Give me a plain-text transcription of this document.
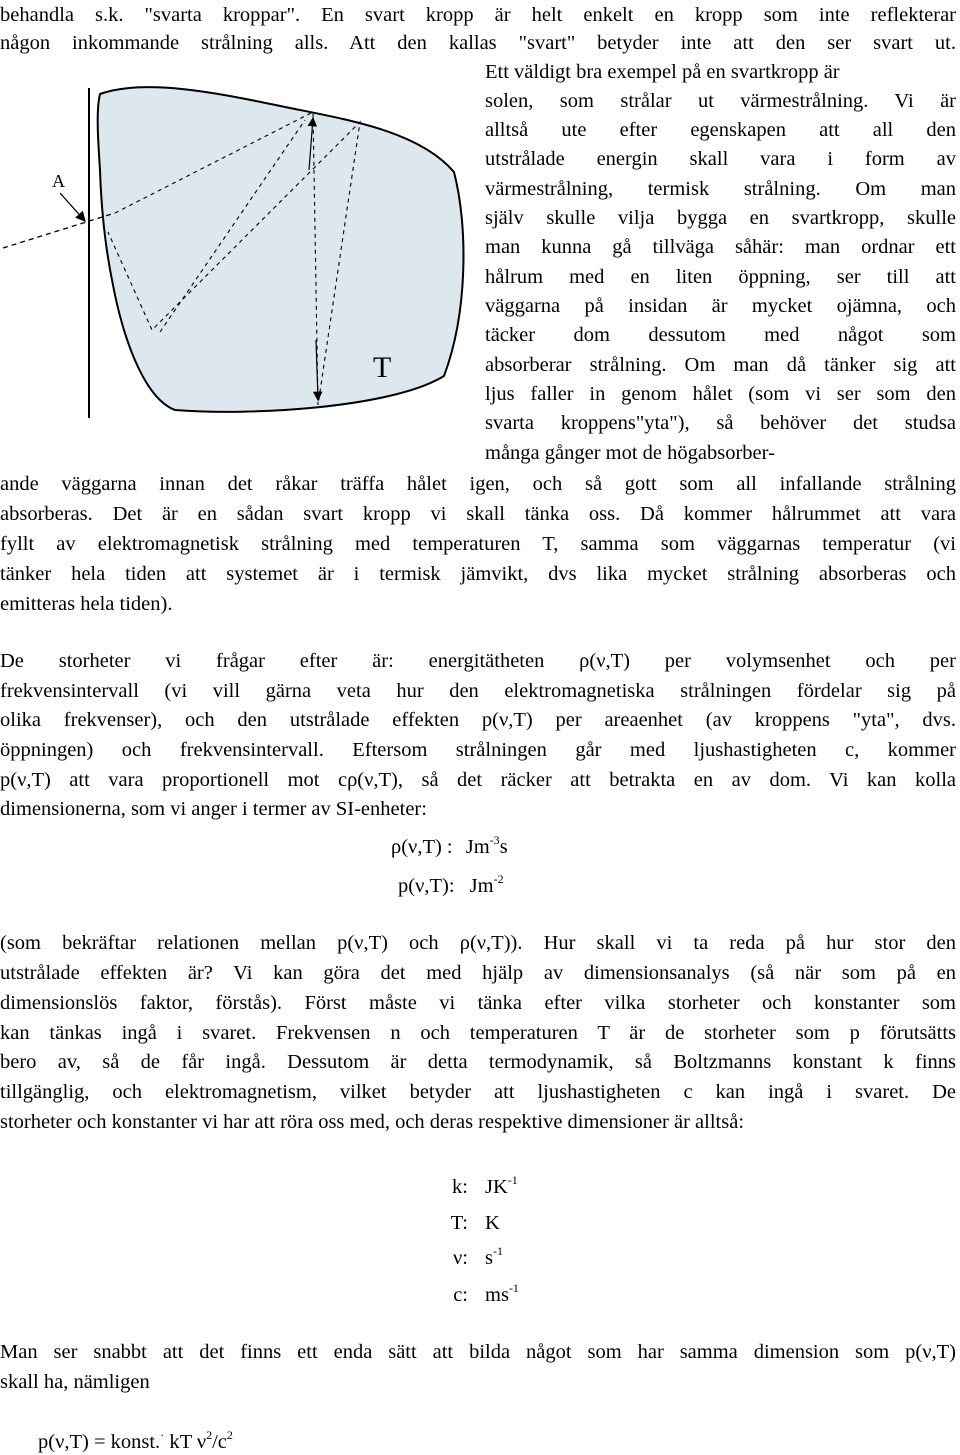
A
T
behandla s.k. "svarta kroppar". En svart kropp är helt enkelt en kropp som inte reflekterar
någon inkommande strålning alls. Att den kallas "svart" betyder inte att den ser svart ut.
Ett väldigt bra exempel på en svartkropp är
solen, som strålar ut värmestrålning. Vi är
alltså ute efter egenskapen att all den
utstrålade energin skall vara i form av
värmestrålning, termisk strålning. Om man
själv skulle vilja bygga en svartkropp, skulle
man kunna gå tillväga såhär: man ordnar ett
hålrum med en liten öppning, ser till att
väggarna på insidan är mycket ojämna, och
täcker dom dessutom med något som
absorberar strålning. Om man då tänker sig att
ljus faller in genom hålet (som vi ser som den
svarta kroppens"yta"), så behöver det studsa
många gånger mot de högabsorber-
ande väggarna innan det råkar träffa hålet igen, och så gott som all infallande strålning
absorberas. Det är en sådan svart kropp vi skall tänka oss. Då kommer hålrummet att vara
fyllt av elektromagnetisk strålning med temperaturen T, samma som väggarnas temperatur (vi
tänker hela tiden att systemet är i termisk jämvikt, dvs lika mycket strålning absorberas och
emitteras hela tiden).
De storheter vi frågar efter är: energitätheten ρ(ν,T) per volymsenhet och per
frekvensintervall (vi vill gärna veta hur den elektromagnetiska strålningen fördelar sig på
olika frekvenser), och den utstrålade effekten p(ν,T) per areaenhet (av kroppens "yta", dvs.
öppningen) och frekvensintervall. Eftersom strålningen går med ljushastigheten c, kommer
p(ν,T) att vara proportionell mot cρ(ν,T), så det räcker att betrakta en av dom. Vi kan kolla
dimensionerna, som vi anger i termer av SI-enheter:
ρ(ν,T) : $Jm^{-3}s$
p(ν,T): $Jm^{-2}$
(som bekräftar relationen mellan p(ν,T) och ρ(ν,T)). Hur skall vi ta reda på hur stor den
utstrålade effekten är? Vi kan göra det med hjälp av dimensionsanalys (så när som på en
dimensionslös faktor, förstås). Först måste vi tänka efter vilka storheter och konstanter som
kan tänkas ingå i svaret. Frekvensen n och temperaturen T är de storheter som p förutsätts
bero av, så de får ingå. Dessutom är detta termodynamik, så Boltzmanns konstant k finns
tillgänglig, och elektromagnetism, vilket betyder att ljushastigheten c kan ingå i svaret. De
storheter och konstanter vi har att röra oss med, och deras respektive dimensioner är alltså:
k: $JK^{-1}$
T: K
ν: $s^{-1}$
c: $ms^{-1}$
Man ser snabbt att det finns ett enda sätt att bilda något som har samma dimension som p(ν,T)
skall ha, nämligen
p(ν,T) = konst.· kT $\nu^2/c^2$
